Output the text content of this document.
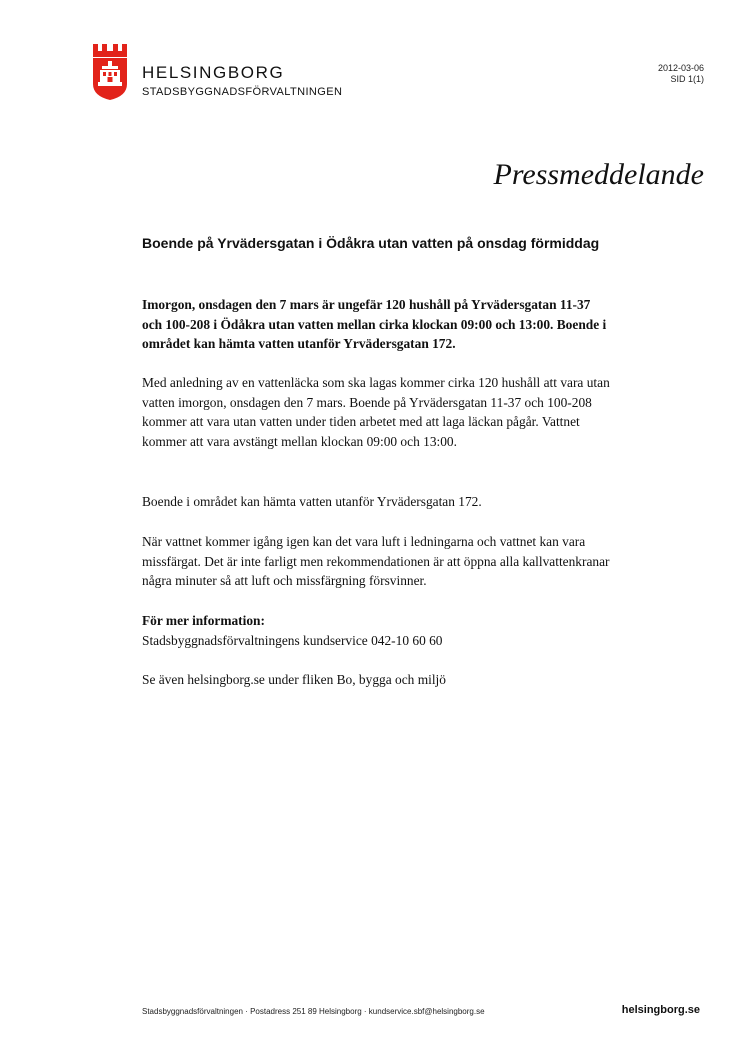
HELSINGBORG
STADSBYGGNADSFÖRVALTNINGEN
2012-03-06
SID 1(1)
Pressmeddelande
Boende på Yrvädersgatan i Ödåkra utan vatten på onsdag förmiddag

Imorgon, onsdagen den 7 mars är ungefär 120 hushåll på Yrvädersgatan 11-37 och 100-208 i Ödåkra utan vatten mellan cirka klockan 09:00 och 13:00. Boende i området kan hämta vatten utanför Yrvädersgatan 172.

Med anledning av en vattenläcka som ska lagas kommer cirka 120 hushåll att vara utan vatten imorgon, onsdagen den 7 mars. Boende på Yrvädersgatan 11-37 och 100-208 kommer att vara utan vatten under tiden arbetet med att laga läckan pågår. Vattnet kommer att vara avstängt mellan klockan 09:00 och 13:00.

Boende i området kan hämta vatten utanför Yrvädersgatan 172.

När vattnet kommer igång igen kan det vara luft i ledningarna och vattnet kan vara missfärgat. Det är inte farligt men rekommendationen är att öppna alla kallvattenkranar några minuter så att luft och missfärgning försvinner.

För mer information:
Stadsbyggnadsförvaltningens kundservice 042-10 60 60

Se även helsingborg.se under fliken Bo, bygga och miljö

Stadsbyggnadsförvaltningen · Postadress 251 89 Helsingborg · kundservice.sbf@helsingborg.se	helsingborg.se
